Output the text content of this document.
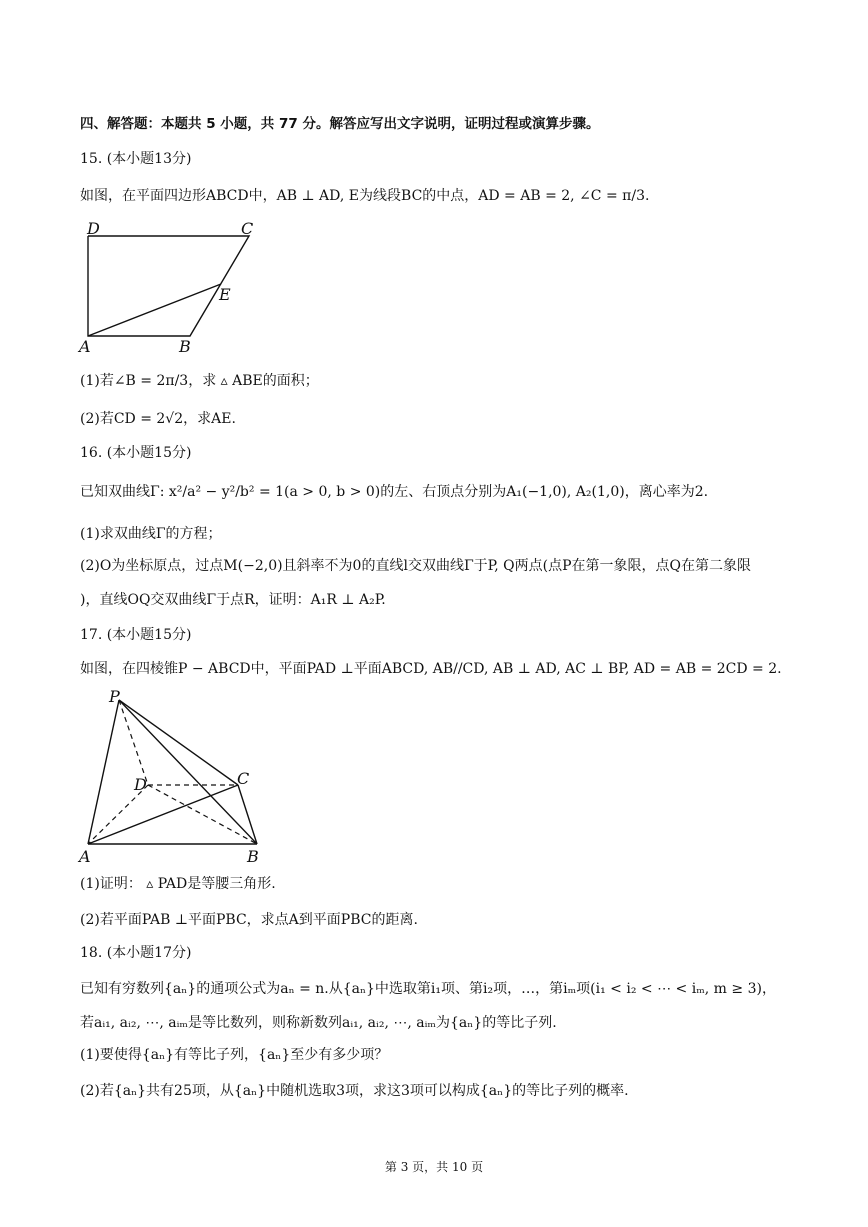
四、解答题：本题共 5 小题，共 77 分。解答应写出文字说明，证明过程或演算步骤。
15. (本小题13分)
如图，在平面四边形ABCD中，AB ⊥ AD, E为线段BC的中点，AD = AB = 2, ∠C = π/3.
D	C
E
A	B
(1)若∠B = 2π/3，求 ▵ ABE的面积；
(2)若CD = 2√2，求AE.
16. (本小题15分)
已知双曲线Γ: x²/a² − y²/b² = 1(a > 0, b > 0)的左、右顶点分别为A₁(−1,0), A₂(1,0)，离心率为2.
(1)求双曲线Γ的方程；
(2)O为坐标原点，过点M(−2,0)且斜率不为0的直线l交双曲线Γ于P, Q两点(点P在第一象限，点Q在第二象限
)，直线OQ交双曲线Γ于点R，证明：A₁R ⊥ A₂P.
17. (本小题15分)
如图，在四棱锥P − ABCD中，平面PAD ⊥平面ABCD, AB//CD, AB ⊥ AD, AC ⊥ BP, AD = AB = 2CD = 2.
P
D	C
A	B
(1)证明： ▵ PAD是等腰三角形.
(2)若平面PAB ⊥平面PBC，求点A到平面PBC的距离.
18. (本小题17分)
已知有穷数列{aₙ}的通项公式为aₙ = n.从{aₙ}中选取第i₁项、第i₂项，…，第iₘ项(i₁ < i₂ < ⋯ < iₘ, m ≥ 3)，
若aᵢ₁, aᵢ₂, ⋯, aᵢₘ是等比数列，则称新数列aᵢ₁, aᵢ₂, ⋯, aᵢₘ为{aₙ}的等比子列.
(1)要使得{aₙ}有等比子列，{aₙ}至少有多少项？
(2)若{aₙ}共有25项，从{aₙ}中随机选取3项，求这3项可以构成{aₙ}的等比子列的概率.
第 3 页，共 10 页
